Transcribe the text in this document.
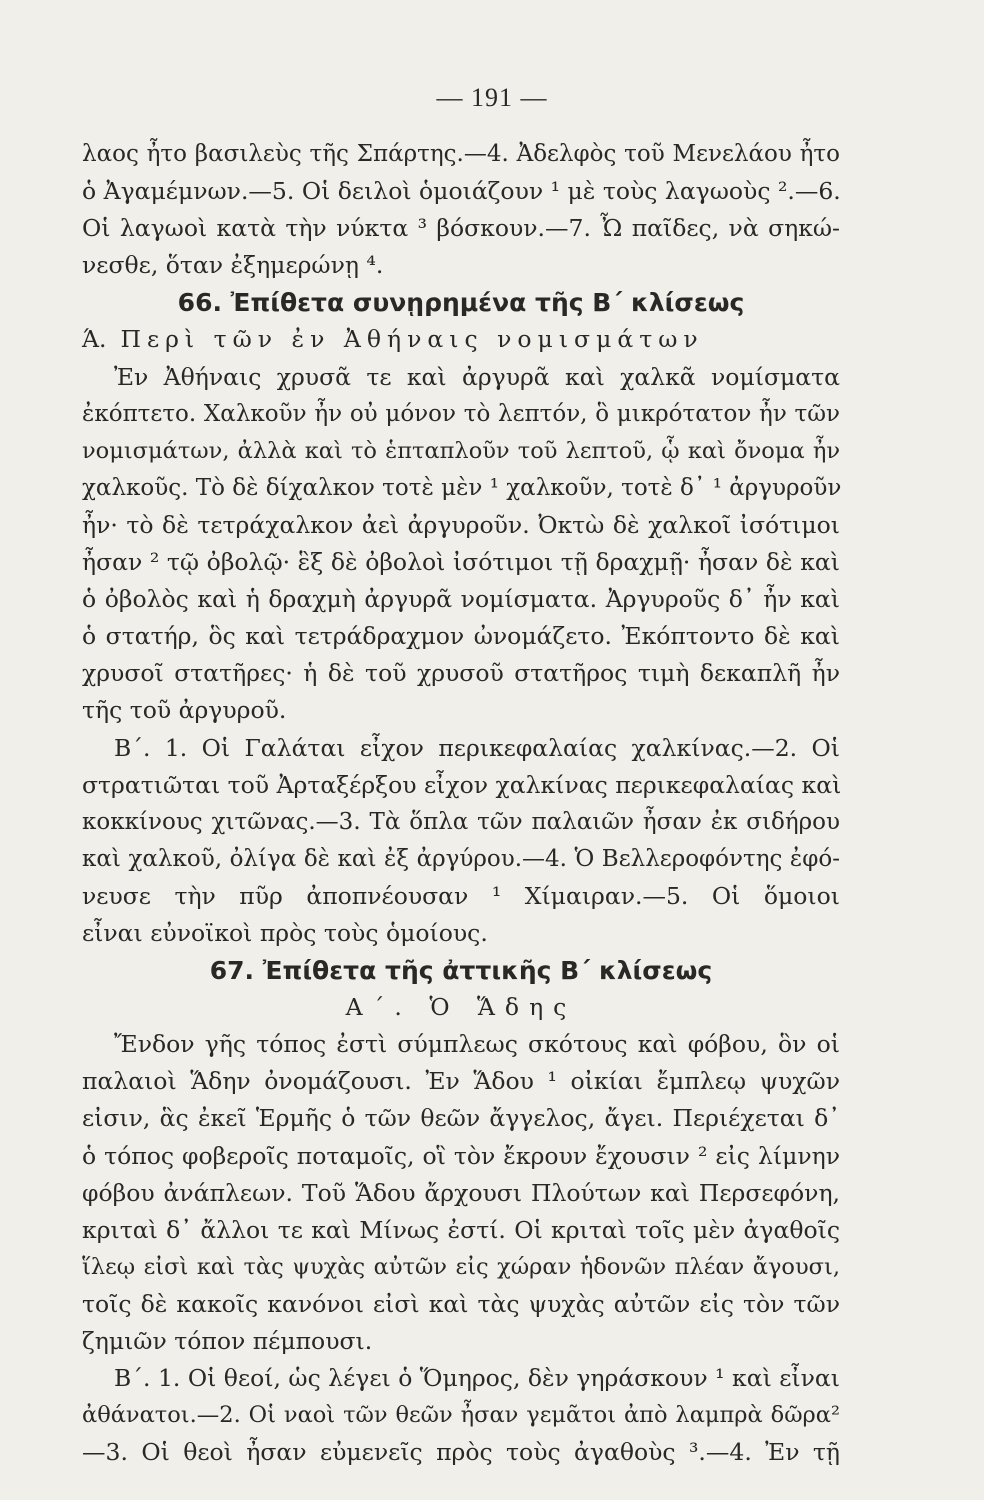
— 191 —
λαος ἦτο βασιλεὺς τῆς Σπάρτης.—4. Ἀδελφὸς τοῦ Μενελάου ἦτο
ὁ Ἀγαμέμνων.—5. Οἱ δειλοὶ ὁμοιάζουν ¹ μὲ τοὺς λαγωοὺς ².—6.
Οἱ λαγωοὶ κατὰ τὴν νύκτα ³ βόσκουν.—7. Ὦ παῖδες, νὰ σηκώ-
νεσθε, ὅταν ἐξημερώνῃ ⁴.
66. Ἐπίθετα συνῃρημένα τῆς Β΄ κλίσεως
Ά. Περὶ τῶν ἐν Ἀθήναις νομισμάτων
Ἐν Ἀθήναις χρυσᾶ τε καὶ ἀργυρᾶ καὶ χαλκᾶ νομίσματα
ἐκόπτετο. Χαλκοῦν ἦν οὐ μόνον τὸ λεπτόν, ὃ μικρότατον ἦν τῶν
νομισμάτων, ἀλλὰ καὶ τὸ ἑπταπλοῦν τοῦ λεπτοῦ, ᾧ καὶ ὄνομα ἦν
χαλκοῦς. Τὸ δὲ δίχαλκον τοτὲ μὲν ¹ χαλκοῦν, τοτὲ δ᾽ ¹ ἀργυροῦν
ἦν· τὸ δὲ τετράχαλκον ἀεὶ ἀργυροῦν. Ὀκτὼ δὲ χαλκοῖ ἰσότιμοι
ἦσαν ² τῷ ὀβολῷ· ἓξ δὲ ὀβολοὶ ἰσότιμοι τῇ δραχμῇ· ἦσαν δὲ καὶ
ὁ ὀβολὸς καὶ ἡ δραχμὴ ἀργυρᾶ νομίσματα. Ἀργυροῦς δ᾽ ἦν καὶ
ὁ στατήρ, ὃς καὶ τετράδραχμον ὠνομάζετο. Ἐκόπτοντο δὲ καὶ
χρυσοῖ στατῆρες· ἡ δὲ τοῦ χρυσοῦ στατῆρος τιμὴ δεκαπλῆ ἦν
τῆς τοῦ ἀργυροῦ.
Β΄. 1. Οἱ Γαλάται εἶχον περικεφαλαίας χαλκίνας.—2. Οἱ
στρατιῶται τοῦ Ἀρταξέρξου εἶχον χαλκίνας περικεφαλαίας καὶ
κοκκίνους χιτῶνας.—3. Τὰ ὅπλα τῶν παλαιῶν ἦσαν ἐκ σιδήρου
καὶ χαλκοῦ, ὀλίγα δὲ καὶ ἐξ ἀργύρου.—4. Ὁ Βελλεροφόντης ἐφό-
νευσε τὴν πῦρ ἀποπνέουσαν ¹ Χίμαιραν.—5. Οἱ ὅμοιοι
εἶναι εὐνοϊκοὶ πρὸς τοὺς ὁμοίους.
67. Ἐπίθετα τῆς ἀττικῆς Β΄ κλίσεως
Α΄. Ὁ Ἅδης
Ἔνδον γῆς τόπος ἐστὶ σύμπλεως σκότους καὶ φόβου, ὃν οἱ
παλαιοὶ Ἅδην ὀνομάζουσι. Ἐν Ἅδου ¹ οἰκίαι ἔμπλεῳ ψυχῶν
εἰσιν, ἃς ἐκεῖ Ἑρμῆς ὁ τῶν θεῶν ἄγγελος, ἄγει. Περιέχεται δ᾽
ὁ τόπος φοβεροῖς ποταμοῖς, οἳ τὸν ἔκρουν ἔχουσιν ² εἰς λίμνην
φόβου ἀνάπλεων. Τοῦ Ἅδου ἄρχουσι Πλούτων καὶ Περσεφόνη,
κριταὶ δ᾽ ἄλλοι τε καὶ Μίνως ἐστί. Οἱ κριταὶ τοῖς μὲν ἀγαθοῖς
ἵλεῳ εἰσὶ καὶ τὰς ψυχὰς αὐτῶν εἰς χώραν ἡδονῶν πλέαν ἄγουσι,
τοῖς δὲ κακοῖς κανόνοι εἰσὶ καὶ τὰς ψυχὰς αὐτῶν εἰς τὸν τῶν
ζημιῶν τόπον πέμπουσι.
Β΄. 1. Οἱ θεοί, ὡς λέγει ὁ Ὅμηρος, δὲν γηράσκουν ¹ καὶ εἶναι
ἀθάνατοι.—2. Οἱ ναοὶ τῶν θεῶν ἦσαν γεμᾶτοι ἀπὸ λαμπρὰ δῶρα²
—3. Οἱ θεοὶ ἦσαν εὐμενεῖς πρὸς τοὺς ἀγαθοὺς ³.—4. Ἐν τῇ
